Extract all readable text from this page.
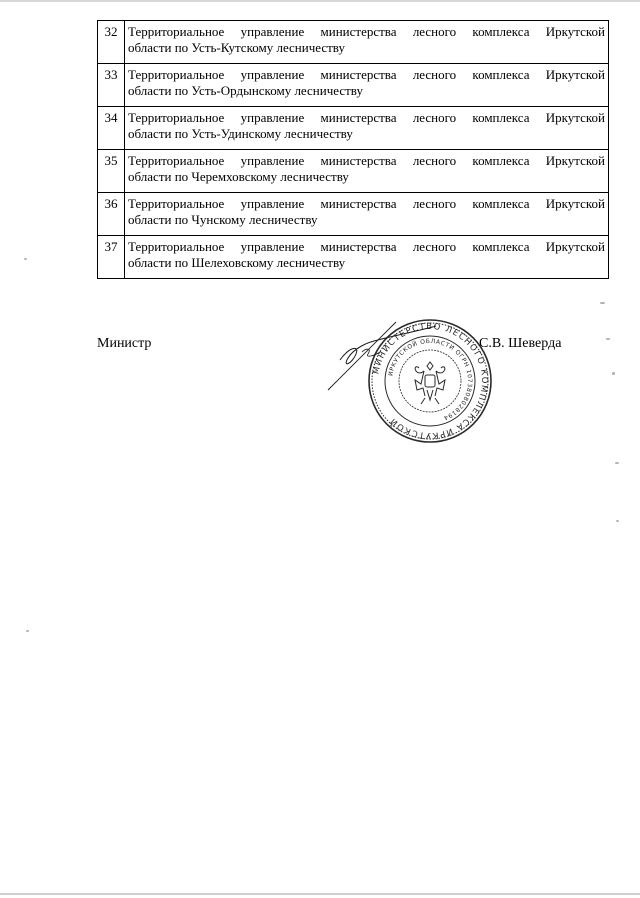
32	Территориальное управление министерства лесного комплекса Иркутской
области по Усть-Кутскому лесничеству

33	Территориальное управление министерства лесного комплекса Иркутской
области по Усть-Ордынскому лесничеству

34	Территориальное управление министерства лесного комплекса Иркутской
области по Усть-Удинскому лесничеству

35	Территориальное управление министерства лесного комплекса Иркутской
области по Черемховскому лесничеству

36	Территориальное управление министерства лесного комплекса Иркутской
области по Чунскому лесничеству

37	Территориальное управление министерства лесного комплекса Иркутской
области по Шелеховскому лесничеству
Министр
МИНИСТЕРСТВО ЛЕСНОГО КОМПЛЕКСА ИРКУТСКОЙ
ИРКУТСКОЙ ОБЛАСТИ ОГРН 1073808028194
С.В. Шеверда
